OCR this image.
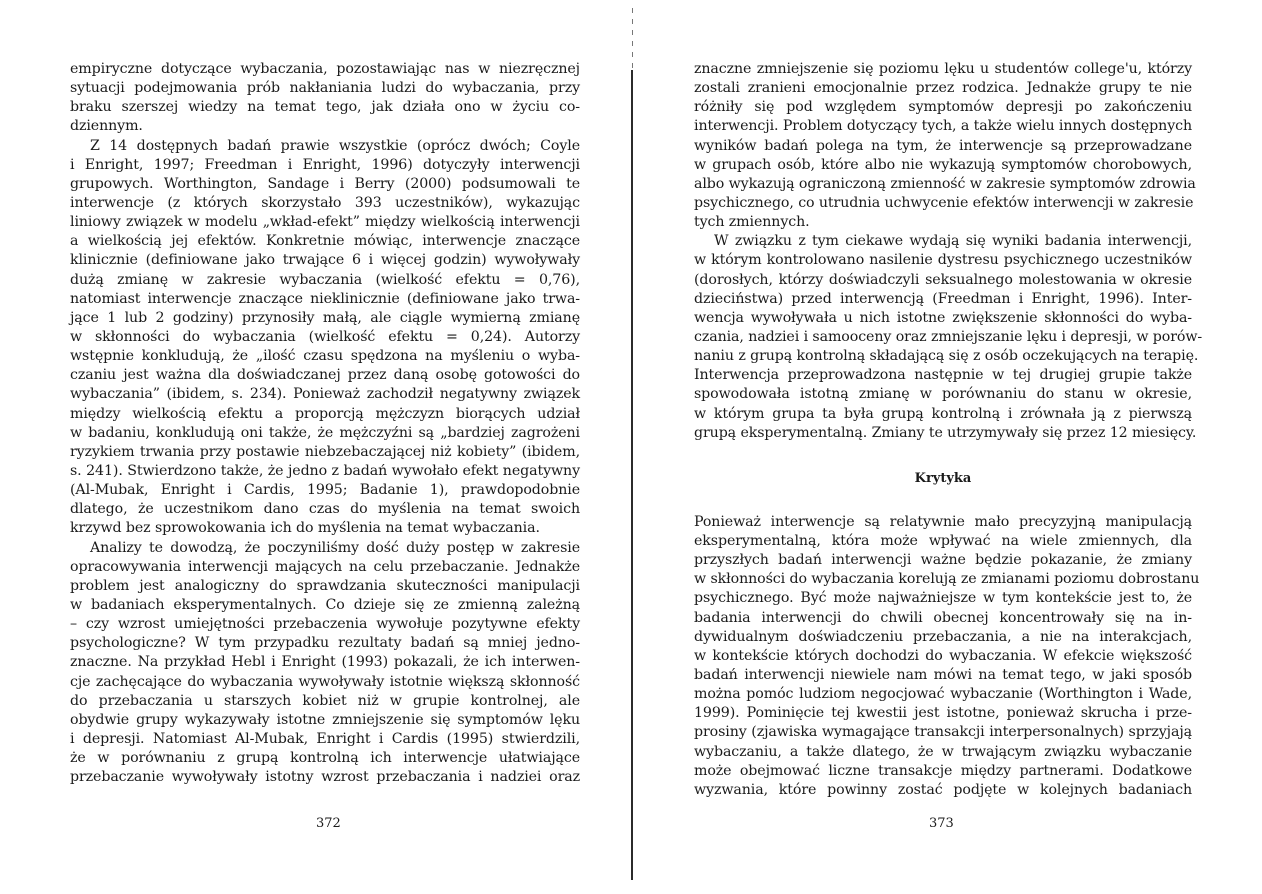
empiryczne dotyczące wybaczania, pozostawiając nas w niezręcznej
sytuacji podejmowania prób nakłaniania ludzi do wybaczania, przy
braku szerszej wiedzy na temat tego, jak działa ono w życiu co-
dziennym.
Z 14 dostępnych badań prawie wszystkie (oprócz dwóch; Coyle
i Enright, 1997; Freedman i Enright, 1996) dotyczyły interwencji
grupowych. Worthington, Sandage i Berry (2000) podsumowali te
interwencje (z których skorzystało 393 uczestników), wykazując
liniowy związek w modelu „wkład-efekt” między wielkością interwencji
a wielkością jej efektów. Konkretnie mówiąc, interwencje znaczące
klinicznie (definiowane jako trwające 6 i więcej godzin) wywoływały
dużą zmianę w zakresie wybaczania (wielkość efektu = 0,76),
natomiast interwencje znaczące nieklinicznie (definiowane jako trwa-
jące 1 lub 2 godziny) przynosiły małą, ale ciągle wymierną zmianę
w skłonności do wybaczania (wielkość efektu = 0,24). Autorzy
wstępnie konkludują, że „ilość czasu spędzona na myśleniu o wyba-
czaniu jest ważna dla doświadczanej przez daną osobę gotowości do
wybaczania” (ibidem, s. 234). Ponieważ zachodził negatywny związek
między wielkością efektu a proporcją mężczyzn biorących udział
w badaniu, konkludują oni także, że mężczyźni są „bardziej zagrożeni
ryzykiem trwania przy postawie niebzebaczającej niż kobiety” (ibidem,
s. 241). Stwierdzono także, że jedno z badań wywołało efekt negatywny
(Al-Mubak, Enright i Cardis, 1995; Badanie 1), prawdopodobnie
dlatego, że uczestnikom dano czas do myślenia na temat swoich
krzywd bez sprowokowania ich do myślenia na temat wybaczania.
Analizy te dowodzą, że poczyniliśmy dość duży postęp w zakresie
opracowywania interwencji mających na celu przebaczanie. Jednakże
problem jest analogiczny do sprawdzania skuteczności manipulacji
w badaniach eksperymentalnych. Co dzieje się ze zmienną zależną
– czy wzrost umiejętności przebaczenia wywołuje pozytywne efekty
psychologiczne? W tym przypadku rezultaty badań są mniej jedno-
znaczne. Na przykład Hebl i Enright (1993) pokazali, że ich interwen-
cje zachęcające do wybaczania wywoływały istotnie większą skłonność
do przebaczania u starszych kobiet niż w grupie kontrolnej, ale
obydwie grupy wykazywały istotne zmniejszenie się symptomów lęku
i depresji. Natomiast Al-Mubak, Enright i Cardis (1995) stwierdzili,
że w porównaniu z grupą kontrolną ich interwencje ułatwiające
przebaczanie wywoływały istotny wzrost przebaczania i nadziei oraz
372
znaczne zmniejszenie się poziomu lęku u studentów college'u, którzy
zostali zranieni emocjonalnie przez rodzica. Jednakże grupy te nie
różniły się pod względem symptomów depresji po zakończeniu
interwencji. Problem dotyczący tych, a także wielu innych dostępnych
wyników badań polega na tym, że interwencje są przeprowadzane
w grupach osób, które albo nie wykazują symptomów chorobowych,
albo wykazują ograniczoną zmienność w zakresie symptomów zdrowia
psychicznego, co utrudnia uchwycenie efektów interwencji w zakresie
tych zmiennych.
W związku z tym ciekawe wydają się wyniki badania interwencji,
w którym kontrolowano nasilenie dystresu psychicznego uczestników
(dorosłych, którzy doświadczyli seksualnego molestowania w okresie
dzieciństwa) przed interwencją (Freedman i Enright, 1996). Inter-
wencja wywoływała u nich istotne zwiększenie skłonności do wyba-
czania, nadziei i samooceny oraz zmniejszanie lęku i depresji, w porów-
naniu z grupą kontrolną składającą się z osób oczekujących na terapię.
Interwencja przeprowadzona następnie w tej drugiej grupie także
spowodowała istotną zmianę w porównaniu do stanu w okresie,
w którym grupa ta była grupą kontrolną i zrównała ją z pierwszą
grupą eksperymentalną. Zmiany te utrzymywały się przez 12 miesięcy.
Krytyka
Ponieważ interwencje są relatywnie mało precyzyjną manipulacją
eksperymentalną, która może wpływać na wiele zmiennych, dla
przyszłych badań interwencji ważne będzie pokazanie, że zmiany
w skłonności do wybaczania korelują ze zmianami poziomu dobrostanu
psychicznego. Być może najważniejsze w tym kontekście jest to, że
badania interwencji do chwili obecnej koncentrowały się na in-
dywidualnym doświadczeniu przebaczania, a nie na interakcjach,
w kontekście których dochodzi do wybaczania. W efekcie większość
badań interwencji niewiele nam mówi na temat tego, w jaki sposób
można pomóc ludziom negocjować wybaczanie (Worthington i Wade,
1999). Pominięcie tej kwestii jest istotne, ponieważ skrucha i prze-
prosiny (zjawiska wymagające transakcji interpersonalnych) sprzyjają
wybaczaniu, a także dlatego, że w trwającym związku wybaczanie
może obejmować liczne transakcje między partnerami. Dodatkowe
wyzwania, które powinny zostać podjęte w kolejnych badaniach
373
